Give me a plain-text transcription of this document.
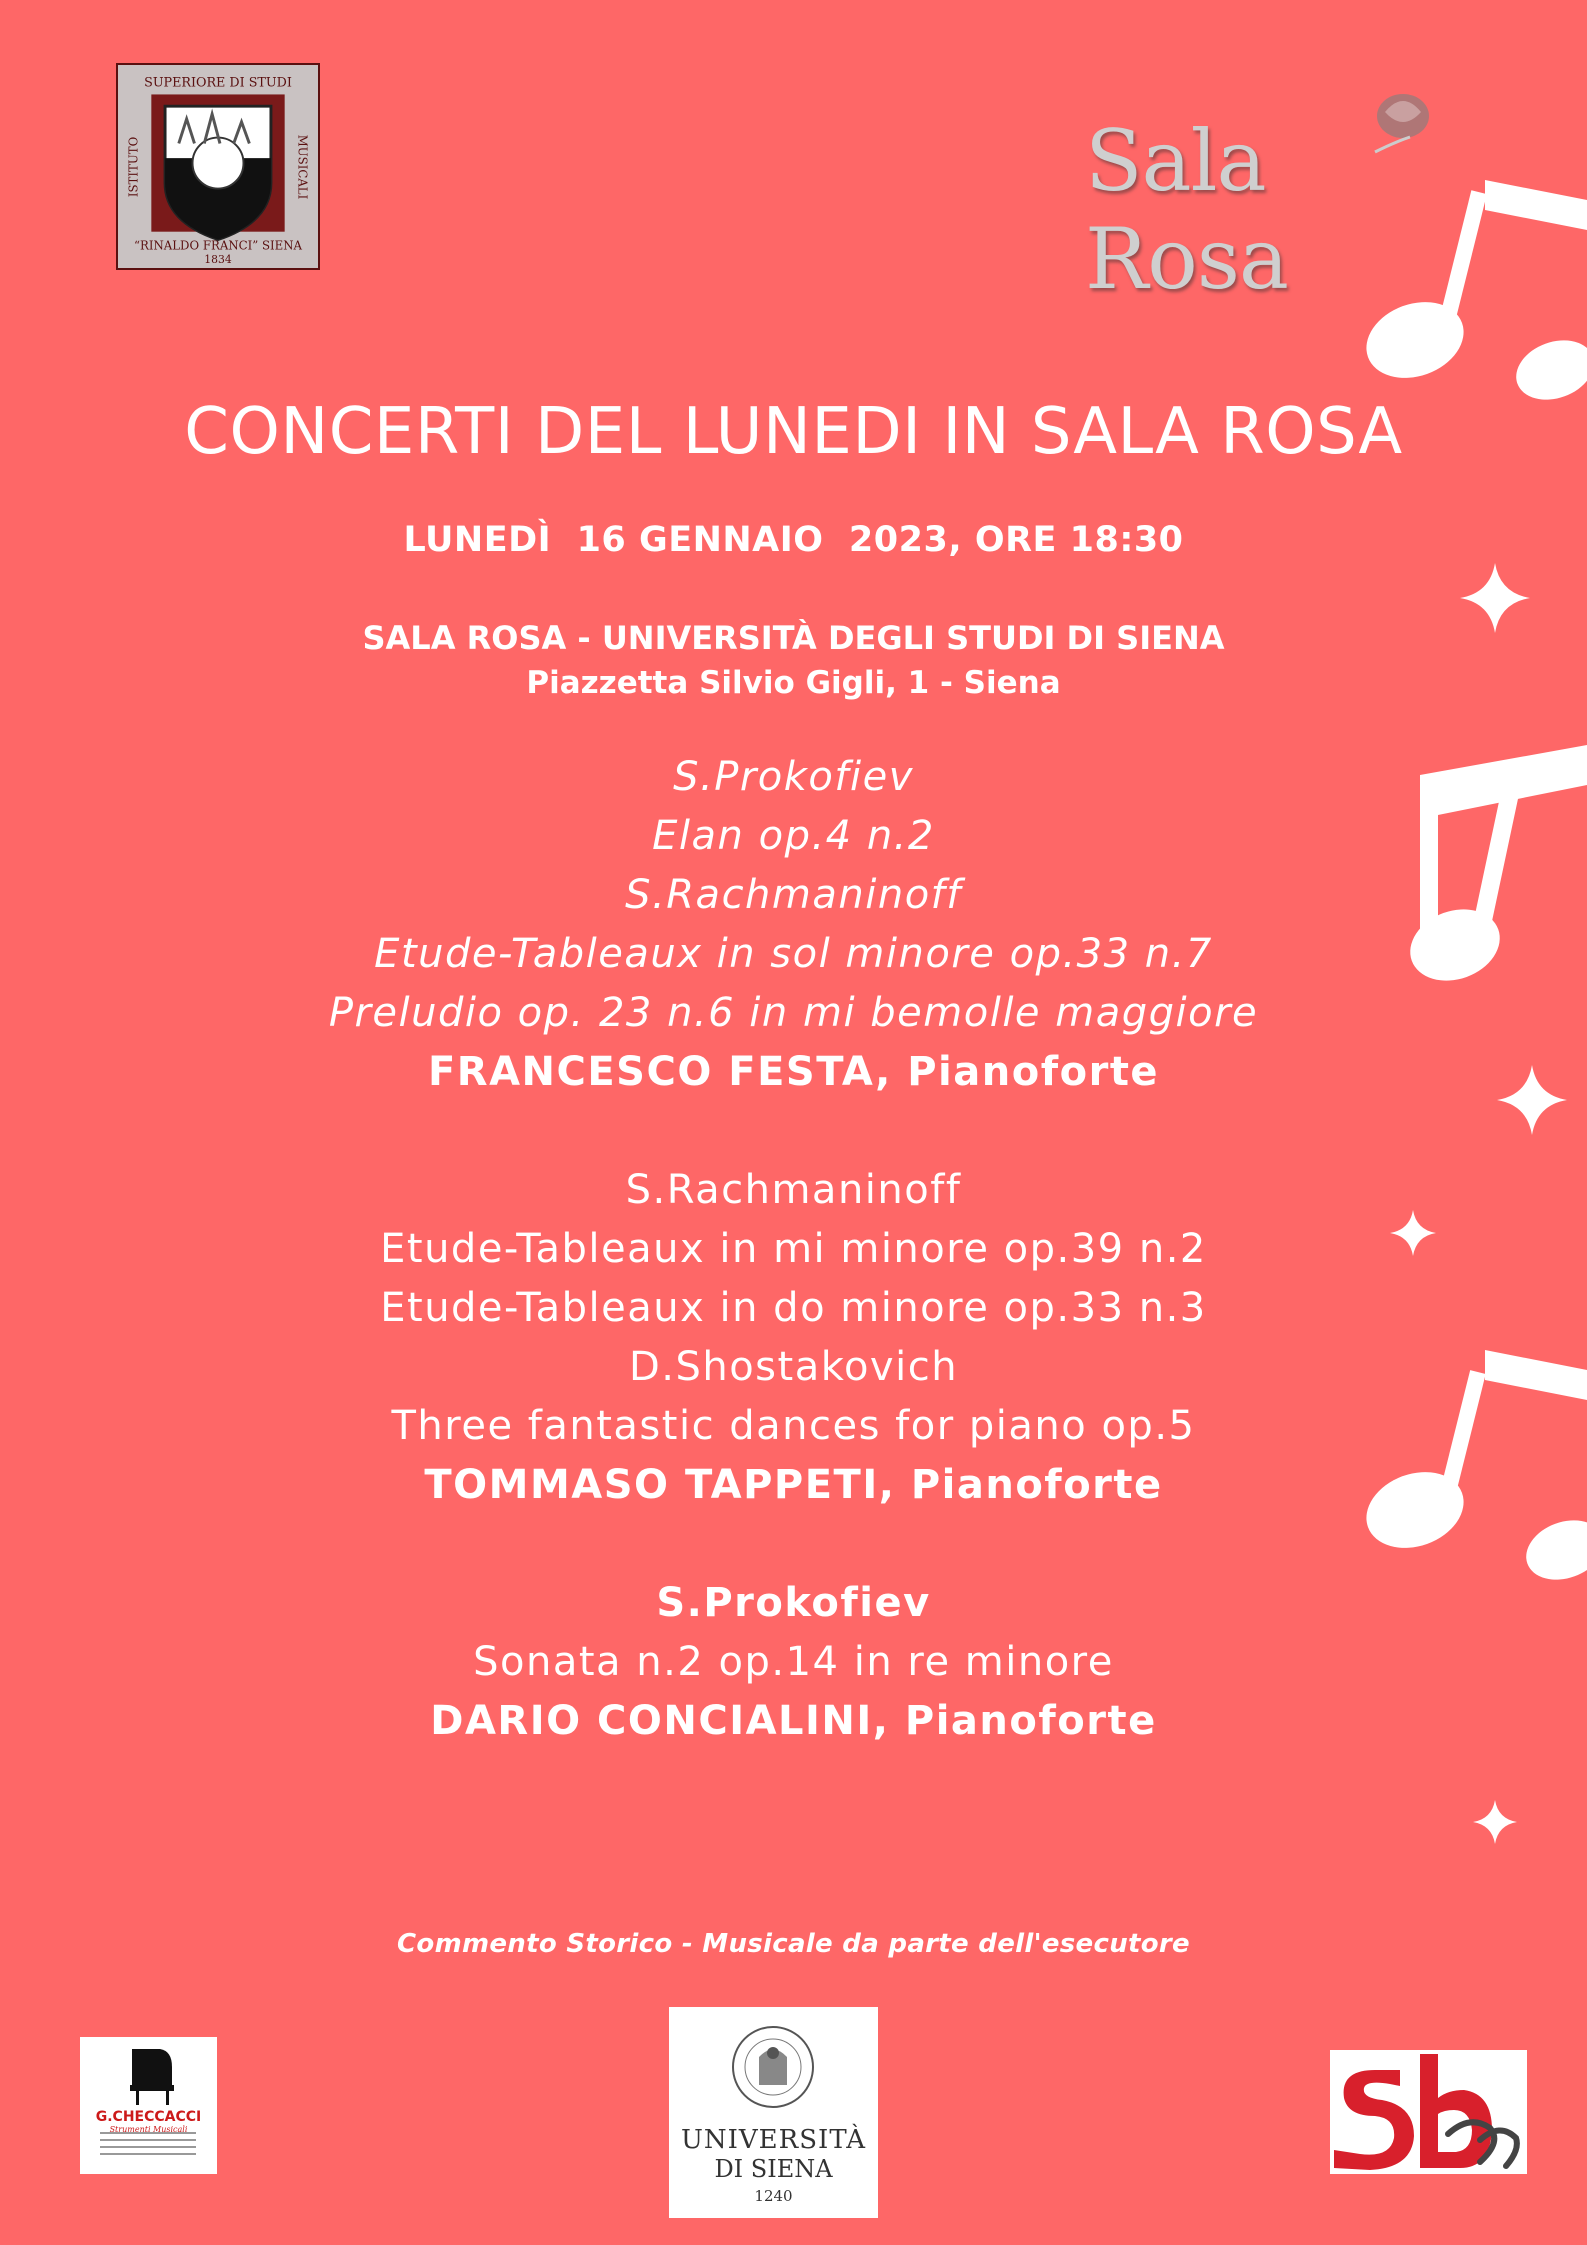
SUPERIORE DI STUDI
“RINALDO FRANCI” SIENA
1834
ISTITUTO	MUSICALI	Sala Rosa
CONCERTI DEL LUNEDI IN SALA ROSA
LUNEDÌ  16 GENNAIO  2023, ORE 18:30
SALA ROSA - UNIVERSITÀ DEGLI STUDI DI SIENA
Piazzetta Silvio Gigli, 1 - Siena
S.Prokofiev
Elan op.4 n.2
S.Rachmaninoff
Etude-Tableaux in sol minore op.33 n.7
Preludio op. 23 n.6 in mi bemolle maggiore
FRANCESCO FESTA, Pianoforte

S.Rachmaninoff
Etude-Tableaux in mi minore op.39 n.2
Etude-Tableaux in do minore op.33 n.3
D.Shostakovich
Three fantastic dances for piano op.5
TOMMASO TAPPETI, Pianoforte

S.Prokofiev
Sonata n.2 op.14 in re minore
DARIO CONCIALINI, Pianoforte
Commento Storico - Musicale da parte dell'esecutore
G.CHECCACCI
Strumenti Musicali	UNIVERSITÀ
DI SIENA
1240
